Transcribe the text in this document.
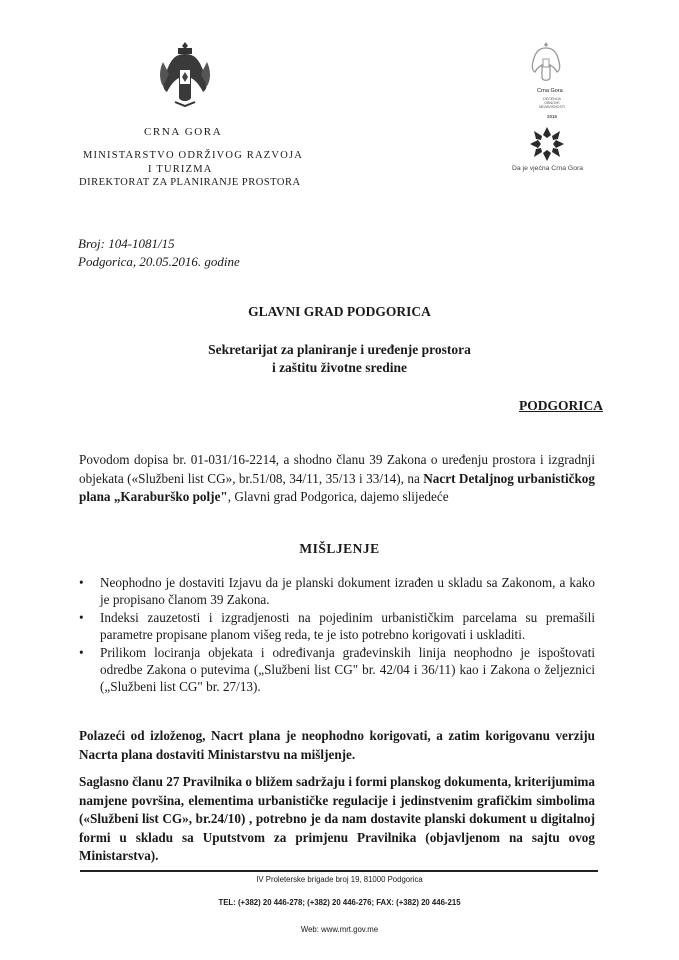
CRNA GORA
MINISTARSTVO ODRŽIVOG RAZVOJA
I TURIZMA
DIREKTORAT ZA PLANIRANJE PROSTORA
Crna Gora
DECENIJA
OBNOVE
NEZAVISNOSTI
2016
Da je vječna Crna Gora
Broj: 104-1081/15
Podgorica, 20.05.2016. godine
GLAVNI GRAD PODGORICA
Sekretarijat za planiranje i uređenje prostora
i zaštitu životne sredine
PODGORICA
Povodom dopisa br. 01-031/16-2214, a shodno članu 39 Zakona o uređenju prostora i izgradnji objekata («Službeni list CG», br.51/08, 34/11, 35/13 i 33/14), na Nacrt Detaljnog urbanističkog plana „Karaburško polje", Glavni grad Podgorica, dajemo slijedeće
MIŠLJENJE
• Neophodno je dostaviti Izjavu da je planski dokument izrađen u skladu sa Zakonom, a kako je propisano članom 39 Zakona.
• Indeksi zauzetosti i izgradjenosti na pojedinim urbanističkim parcelama su premašili parametre propisane planom višeg reda, te je isto potrebno korigovati i uskladiti.
• Prilikom lociranja objekata i određivanja građevinskih linija neophodno je ispoštovati odredbe Zakona o putevima („Službeni list CG" br. 42/04 i 36/11) kao i Zakona o željeznici („Službeni list CG" br. 27/13).
Polazeći od izloženog, Nacrt plana je neophodno korigovati, a zatim korigovanu verziju Nacrta plana dostaviti Ministarstvu na mišljenje.
Saglasno članu 27 Pravilnika o bližem sadržaju i formi planskog dokumenta, kriterijumima namjene površina, elementima urbanističke regulacije i jedinstvenim grafičkim simbolima («Službeni list CG», br.24/10) , potrebno je da nam dostavite planski dokument u digitalnoj formi u skladu sa Uputstvom za primjenu Pravilnika (objavljenom na sajtu ovog Ministarstva).
IV Proleterske brigade broj 19, 81000 Podgorica
TEL: (+382) 20 446-278; (+382) 20 446-276; FAX: (+382) 20 446-215
Web: www.mrt.gov.me
